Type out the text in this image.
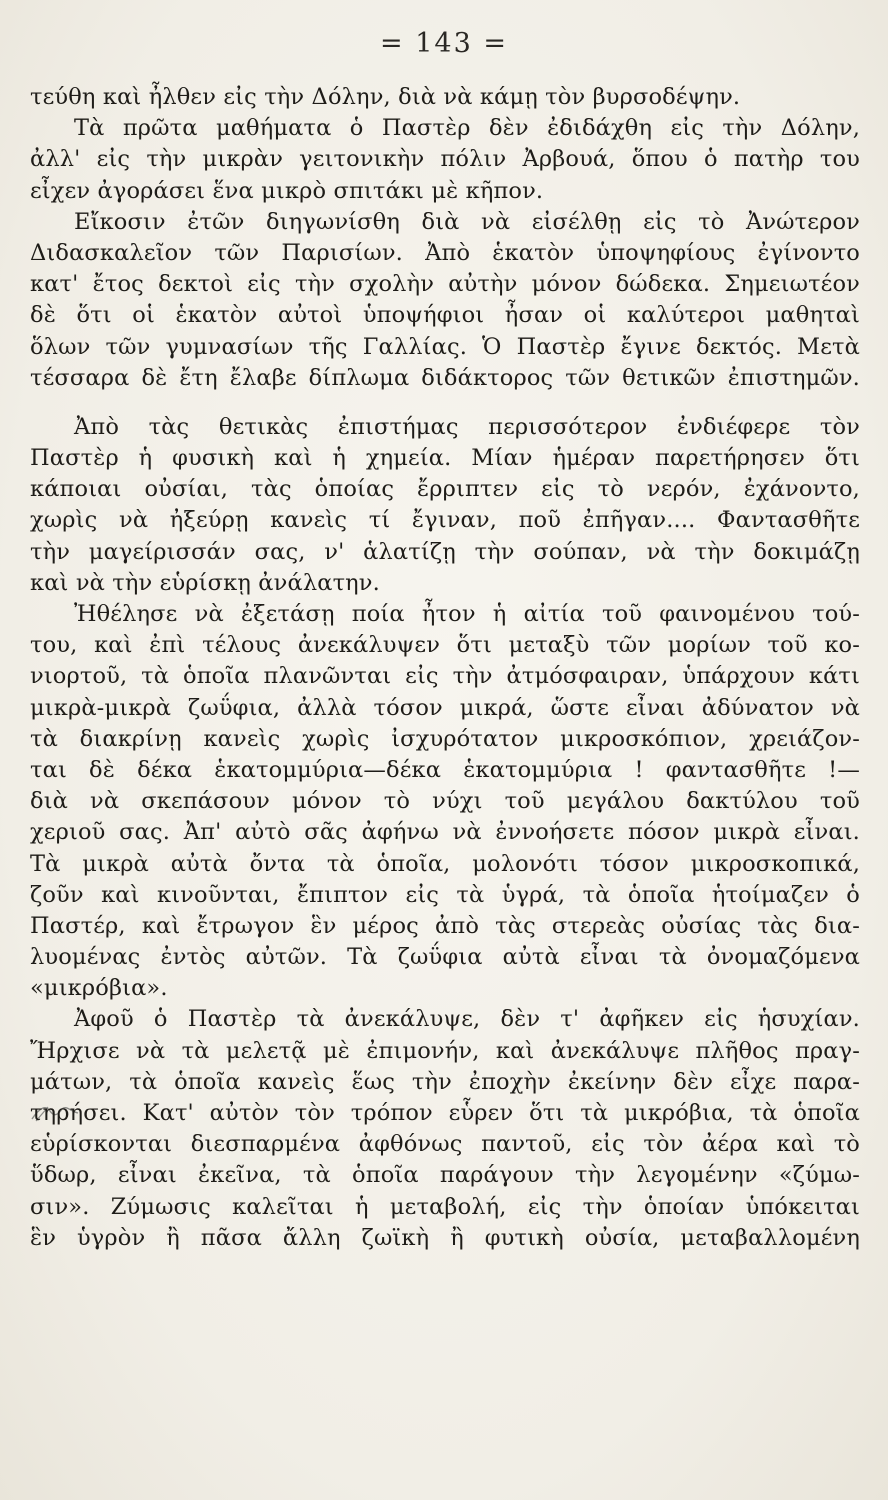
= 143 =
τεύθη καὶ ἦλθεν εἰς τὴν Δόλην, διὰ νὰ κάμῃ τὸν βυρσοδέψην.
Τὰ πρῶτα μαθήματα ὁ Παστὲρ δὲν ἐδιδάχθη εἰς τὴν Δόλην,
ἀλλ' εἰς τὴν μικρὰν γειτονικὴν πόλιν Ἀρβουά, ὅπου ὁ πατὴρ του
εἶχεν ἀγοράσει ἕνα μικρὸ σπιτάκι μὲ κῆπον.
Εἴκοσιν ἐτῶν διηγωνίσθη διὰ νὰ εἰσέλθῃ εἰς τὸ Ἀνώτερον
Διδασκαλεῖον τῶν Παρισίων. Ἀπὸ ἑκατὸν ὑποψηφίους ἐγίνοντο
κατ' ἔτος δεκτοὶ εἰς τὴν σχολὴν αὐτὴν μόνον δώδεκα. Σημειωτέον
δὲ ὅτι οἱ ἑκατὸν αὐτοὶ ὑποψήφιοι ἦσαν οἱ καλύτεροι μαθηταὶ
ὅλων τῶν γυμνασίων τῆς Γαλλίας. Ὁ Παστὲρ ἔγινε δεκτός. Μετὰ
τέσσαρα δὲ ἔτη ἔλαβε δίπλωμα διδάκτορος τῶν θετικῶν ἐπιστημῶν.
Ἀπὸ τὰς θετικὰς ἐπιστήμας περισσότερον ἐνδιέφερε τὸν
Παστὲρ ἡ φυσικὴ καὶ ἡ χημεία. Μίαν ἡμέραν παρετήρησεν ὅτι
κάποιαι οὐσίαι, τὰς ὁποίας ἔρριπτεν εἰς τὸ νερόν, ἐχάνοντο,
χωρὶς νὰ ἠξεύρῃ κανεὶς τί ἔγιναν, ποῦ ἐπῆγαν.... Φαντασθῆτε
τὴν μαγείρισσάν σας, ν' ἁλατίζῃ τὴν σούπαν, νὰ τὴν δοκιμάζῃ
καὶ νὰ τὴν εὑρίσκῃ ἀνάλατην.
Ἠθέλησε νὰ ἐξετάσῃ ποία ἦτον ἡ αἰτία τοῦ φαινομένου τού-
του, καὶ ἐπὶ τέλους ἀνεκάλυψεν ὅτι μεταξὺ τῶν μορίων τοῦ κο-
νιορτοῦ, τὰ ὁποῖα πλανῶνται εἰς τὴν ἀτμόσφαιραν, ὑπάρχουν κάτι
μικρὰ-μικρὰ ζωΰφια, ἀλλὰ τόσον μικρά, ὥστε εἶναι ἀδύνατον νὰ
τὰ διακρίνῃ κανεὶς χωρὶς ἰσχυρότατον μικροσκόπιον, χρειάζον-
ται δὲ δέκα ἑκατομμύρια—δέκα ἑκατομμύρια ! φαντασθῆτε !—
διὰ νὰ σκεπάσουν μόνον τὸ νύχι τοῦ μεγάλου δακτύλου τοῦ
χεριοῦ σας. Ἀπ' αὐτὸ σᾶς ἀφήνω νὰ ἐννοήσετε πόσον μικρὰ εἶναι.
Τὰ μικρὰ αὐτὰ ὄντα τὰ ὁποῖα, μολονότι τόσον μικροσκοπικά,
ζοῦν καὶ κινοῦνται, ἔπιπτον εἰς τὰ ὑγρά, τὰ ὁποῖα ἡτοίμαζεν ὁ
Παστέρ, καὶ ἔτρωγον ἓν μέρος ἀπὸ τὰς στερεὰς οὐσίας τὰς δια-
λυομένας ἐντὸς αὐτῶν. Τὰ ζωΰφια αὐτὰ εἶναι τὰ ὀνομαζόμενα
«μικρόβια».
Ἀφοῦ ὁ Παστὲρ τὰ ἀνεκάλυψε, δὲν τ' ἀφῆκεν εἰς ἡσυχίαν.
Ἤρχισε νὰ τὰ μελετᾷ μὲ ἐπιμονήν, καὶ ἀνεκάλυψε πλῆθος πραγ-
μάτων, τὰ ὁποῖα κανεὶς ἕως τὴν ἐποχὴν ἐκείνην δὲν εἶχε παρα-
τηρήσει. Κατ' αὐτὸν τὸν τρόπον εὗρεν ὅτι τὰ μικρόβια, τὰ ὁποῖα
εὑρίσκονται διεσπαρμένα ἀφθόνως παντοῦ, εἰς τὸν ἀέρα καὶ τὸ
ὕδωρ, εἶναι ἐκεῖνα, τὰ ὁποῖα παράγουν τὴν λεγομένην «ζύμω-
σιν». Ζύμωσις καλεῖται ἡ μεταβολή, εἰς τὴν ὁποίαν ὑπόκειται
ἓν ὑγρὸν ἢ πᾶσα ἄλλη ζωϊκὴ ἢ φυτικὴ οὐσία, μεταβαλλομένη
